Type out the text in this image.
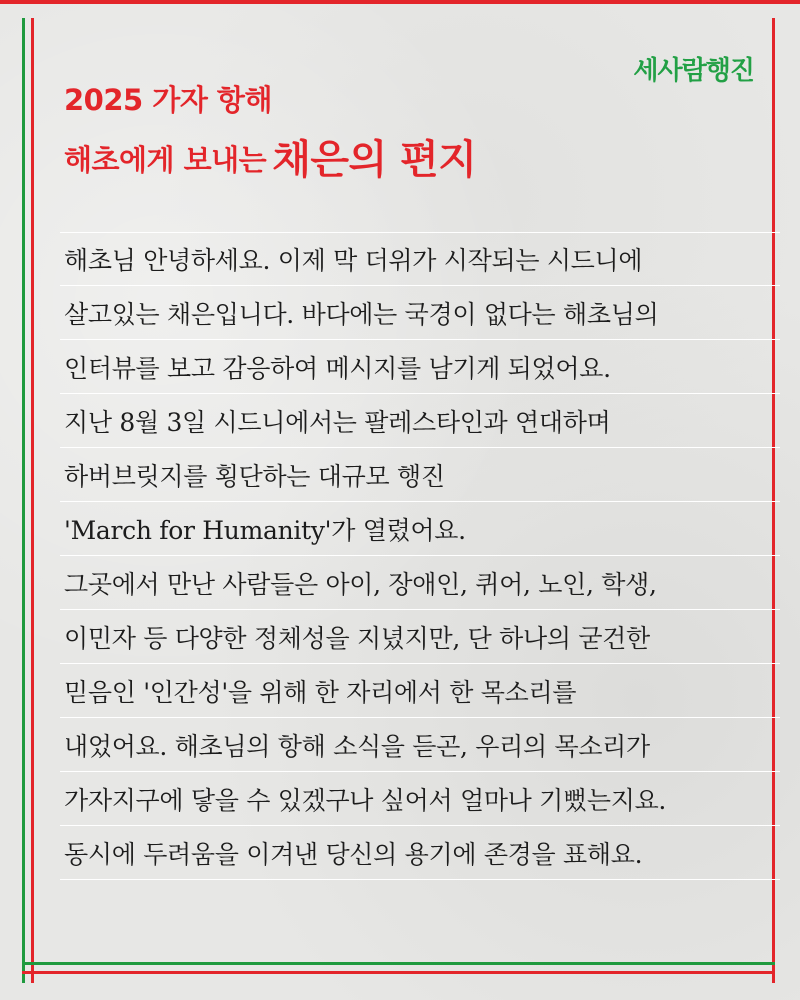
세사람행진
2025 가자 항해
해초에게 보내는 채은의 편지
해초님 안녕하세요. 이제 막 더위가 시작되는 시드니에
살고있는 채은입니다. 바다에는 국경이 없다는 해초님의
인터뷰를 보고 감응하여 메시지를 남기게 되었어요.
지난 8월 3일 시드니에서는 팔레스타인과 연대하며
하버브릿지를 횡단하는 대규모 행진
'March for Humanity'가 열렸어요.
그곳에서 만난 사람들은 아이, 장애인, 퀴어, 노인, 학생,
이민자 등 다양한 정체성을 지녔지만, 단 하나의 굳건한
믿음인 '인간성'을 위해 한 자리에서 한 목소리를
내었어요. 해초님의 항해 소식을 듣곤, 우리의 목소리가
가자지구에 닿을 수 있겠구나 싶어서 얼마나 기뻤는지요.
동시에 두려움을 이겨낸 당신의 용기에 존경을 표해요.
